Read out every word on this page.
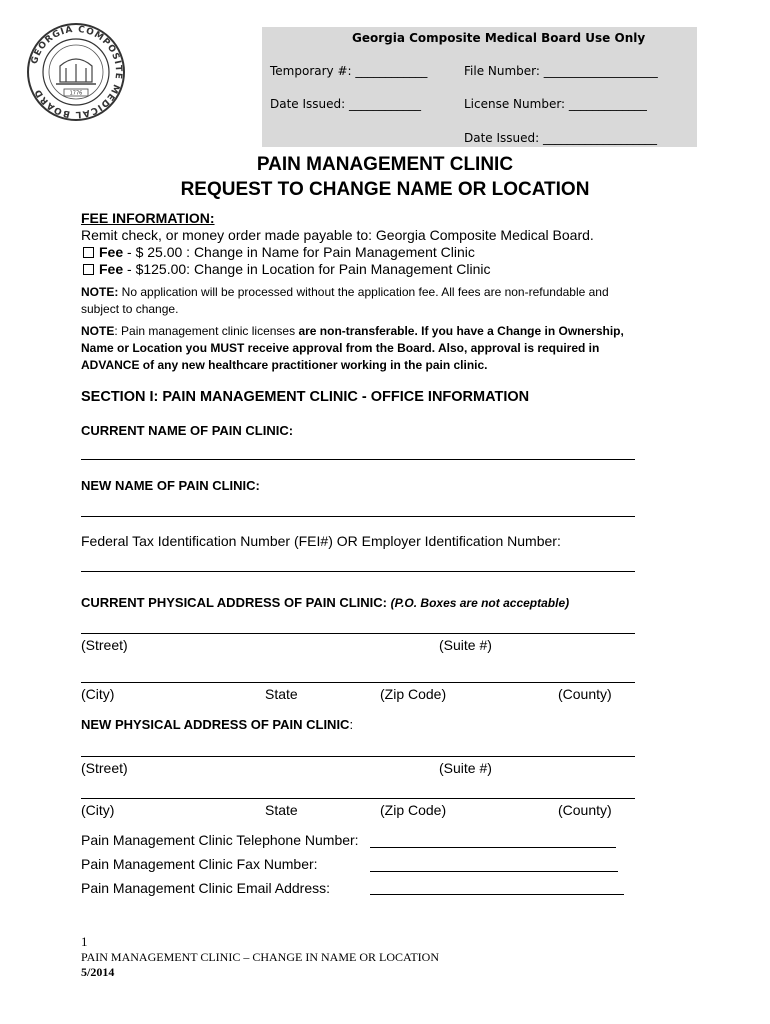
GEORGIA COMPOSITE MEDICAL BOARD	1776
Georgia Composite Medical Board Use Only
Temporary #: ____________	File Number: ___________________
Date Issued: ____________	License Number: _____________
Date Issued: ___________________
PAIN MANAGEMENT CLINIC
REQUEST TO CHANGE NAME OR LOCATION
FEE INFORMATION:
Remit check, or money order made payable to: Georgia Composite Medical Board.
Fee - $ 25.00 : Change in Name for Pain Management Clinic
Fee - $125.00: Change in Location for Pain Management Clinic
NOTE: No application will be processed without the application fee. All fees are non-refundable and
subject to change.
NOTE: Pain management clinic licenses are non-transferable. If you have a Change in Ownership,
Name or Location you MUST receive approval from the Board. Also, approval is required in
ADVANCE of any new healthcare practitioner working in the pain clinic.
SECTION I: PAIN MANAGEMENT CLINIC - OFFICE INFORMATION
CURRENT NAME OF PAIN CLINIC:
NEW NAME OF PAIN CLINIC:
Federal Tax Identification Number (FEI#) OR Employer Identification Number:
CURRENT PHYSICAL ADDRESS OF PAIN CLINIC: (P.O. Boxes are not acceptable)
(Street)	(Suite #)
(City)	State	(Zip Code)	(County)
NEW PHYSICAL ADDRESS OF PAIN CLINIC:
(Street)	(Suite #)
(City)	State	(Zip Code)	(County)
Pain Management Clinic Telephone Number:
Pain Management Clinic Fax Number:
Pain Management Clinic Email Address:
1
PAIN MANAGEMENT CLINIC – CHANGE IN NAME OR LOCATION
5/2014
